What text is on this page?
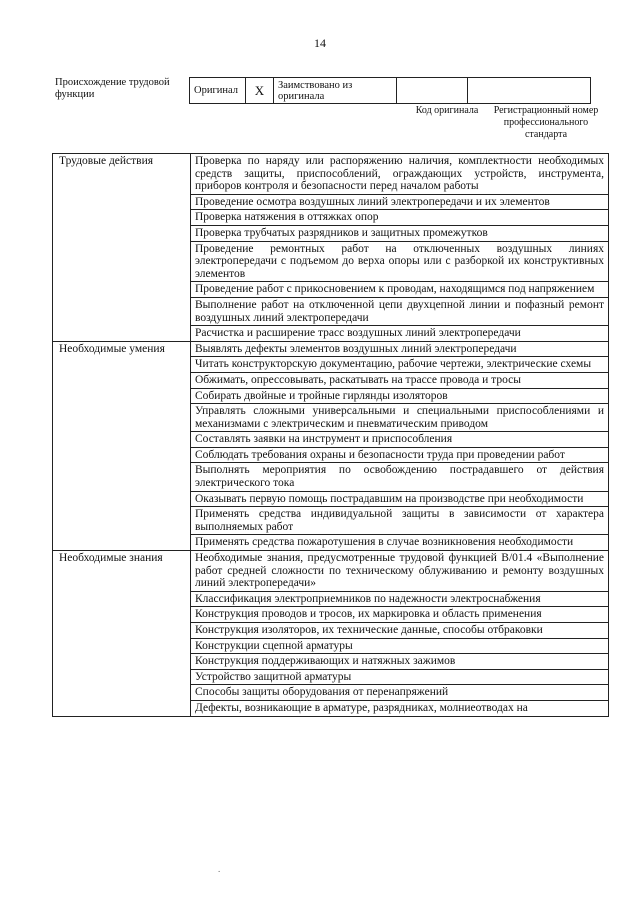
14
Происхождение трудовой функции	Оригинал	X	Заимствовано из оригинала		
Код оригинала	Регистрационный номер профессионального стандарта
Трудовые действия	Проверка по наряду или распоряжению наличия, комплектности необходимых средств защиты, приспособлений, ограждающих устройств, инструмента, приборов контроля и безопасности перед началом работы
	Проведение осмотра воздушных линий электропередачи и их элементов
	Проверка натяжения в оттяжках опор
	Проверка трубчатых разрядников и защитных промежутков
	Проведение ремонтных работ на отключенных воздушных линиях электропередачи с подъемом до верха опоры или с разборкой их конструктивных элементов
	Проведение работ с прикосновением к проводам, находящимся под напряжением
	Выполнение работ на отключенной цепи двухцепной линии и пофазный ремонт воздушных линий электропередачи
	Расчистка и расширение трасс воздушных линий электропередачи
Необходимые умения	Выявлять дефекты элементов воздушных линий электропередачи
	Читать конструкторскую документацию, рабочие чертежи, электрические схемы
	Обжимать, опрессовывать, раскатывать на трассе провода и тросы
	Собирать двойные и тройные гирлянды изоляторов
	Управлять сложными универсальными и специальными приспособлениями и механизмами с электрическим и пневматическим приводом
	Составлять заявки на инструмент и приспособления
	Соблюдать требования охраны и безопасности труда при проведении работ
	Выполнять мероприятия по освобождению пострадавшего от действия электрического тока
	Оказывать первую помощь пострадавшим на производстве при необходимости
	Применять средства индивидуальной защиты в зависимости от характера выполняемых работ
	Применять средства пожаротушения в случае возникновения необходимости
Необходимые знания	Необходимые знания, предусмотренные трудовой функцией В/01.4 «Выполнение работ средней сложности по техническому облуживанию и ремонту воздушных линий электропередачи»
	Классификация электроприемников по надежности электроснабжения
	Конструкция проводов и тросов, их маркировка и область применения
	Конструкция изоляторов, их технические данные, способы отбраковки
	Конструкции сцепной арматуры
	Конструкция поддерживающих и натяжных зажимов
	Устройство защитной арматуры
	Способы защиты оборудования от перенапряжений
	Дефекты, возникающие в арматуре, разрядниках, молниеотводах на
.
